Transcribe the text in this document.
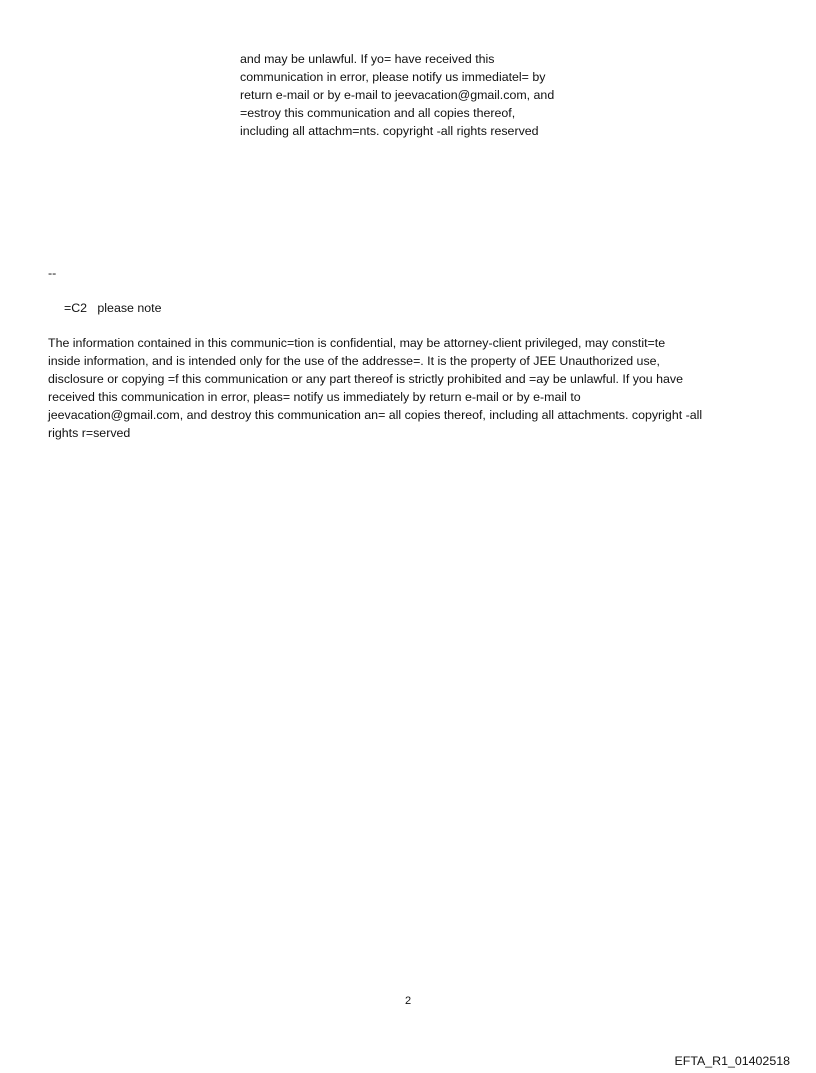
and may be unlawful. If yo= have received this
communication in error, please notify us immediatel= by
return e-mail or by e-mail to jeevacation@gmail.com, and
=estroy this communication and all copies thereof,
including all attachm=nts. copyright -all rights reserved
--
=C2   please note
The information contained in this communic=tion is confidential, may be attorney-client privileged, may constit=te
inside information, and is intended only for the use of the addresse=. It is the property of JEE Unauthorized use,
disclosure or copying =f this communication or any part thereof is strictly prohibited and =ay be unlawful. If you have
received this communication in error, pleas= notify us immediately by return e-mail or by e-mail to
jeevacation@gmail.com, and destroy this communication an= all copies thereof, including all attachments. copyright -all
rights r=served
2
EFTA_R1_01402518
